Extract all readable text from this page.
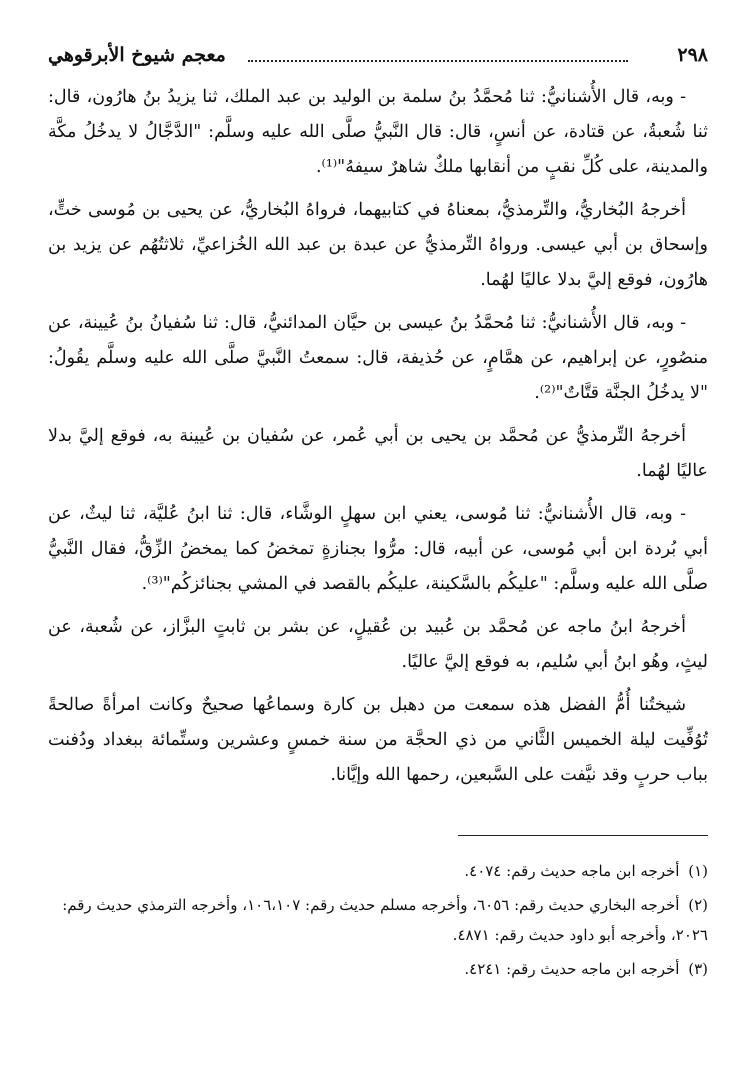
٢٩٨
معجم شيوخ الأبرقوهي

- وبه، قال الأُشنانيُّ: ثنا مُحمَّدُ بنُ سلمة بن الوليد بن عبد الملك، ثنا يزيدُ بنُ هارُون، قال: ثنا شُعبةُ، عن قتادة، عن أنسٍ، قال: قال النَّبيُّ صلَّى الله عليه وسلَّم: "الدَّجَّالُ لا يدخُلُ مكَّة والمدينة، على كُلِّ نقبٍ من أنقابها ملكٌ شاهرٌ سيفهُ"⁽¹⁾.

أخرجهُ البُخاريُّ، والتِّرمذيُّ، بمعناهُ في كتابيهما، فرواهُ البُخاريُّ، عن يحيى بن مُوسى ختٍّ، وإسحاق بن أبي عيسى. ورواهُ التِّرمذيُّ عن عبدة بن عبد الله الخُزاعيِّ، ثلاثتُهُم عن يزيد بن هارُون، فوقع إليَّ بدلا عاليًا لهُما.

- وبه، قال الأُشنانيُّ: ثنا مُحمَّدُ بنُ عيسى بن حيَّان المدائنيُّ، قال: ثنا سُفيانُ بنُ عُيينة، عن منصُورٍ، عن إبراهيم، عن همَّامٍ، عن حُذيفة، قال: سمعتُ النَّبيَّ صلَّى الله عليه وسلَّم يقُولُ: "لا يدخُلُ الجنَّة قتَّاتٌ"⁽²⁾.

أخرجهُ التِّرمذيُّ عن مُحمَّد بن يحيى بن أبي عُمر، عن سُفيان بن عُيينة به، فوقع إليَّ بدلا عاليًا لهُما.

- وبه، قال الأُشنانيُّ: ثنا مُوسى، يعني ابن سهلٍ الوشَّاء، قال: ثنا ابنُ عُليَّة، ثنا ليثٌ، عن أبي بُردة ابن أبي مُوسى، عن أبيه، قال: مرُّوا بجنازةٍ تمخضُ كما يمخضُ الزِّقُّ، فقال النَّبيُّ صلَّى الله عليه وسلَّم: "عليكُم بالسَّكينة، عليكُم بالقصد في المشي بجنائزكُم"⁽³⁾.

أخرجهُ ابنُ ماجه عن مُحمَّد بن عُبيد بن عُقيلٍ، عن بشر بن ثابتٍ البزَّاز، عن شُعبة، عن ليثٍ، وهُو ابنُ أبي سُليم، به فوقع إليَّ عاليًا.

شيختُنا أُمُّ الفضل هذه سمعت من دهبل بن كارة وسماعُها صحيحٌ وكانت امرأةً صالحةً تُوُفِّيت ليلة الخميس الثَّاني من ذي الحجَّة من سنة خمسٍ وعشرين وستِّمائة ببغداد ودُفنت بباب حربٍ وقد نيَّفت على السَّبعين، رحمها الله وإيَّانا.

(١) أخرجه ابن ماجه حديث رقم: ٤٠٧٤.

(٢) أخرجه البخاري حديث رقم: ٦٠٥٦، وأخرجه مسلم حديث رقم: ١٠٦،١٠٧، وأخرجه الترمذي حديث رقم: ٢٠٢٦، وأخرجه أبو داود حديث رقم: ٤٨٧١.

(٣) أخرجه ابن ماجه حديث رقم: ٤٢٤١.
